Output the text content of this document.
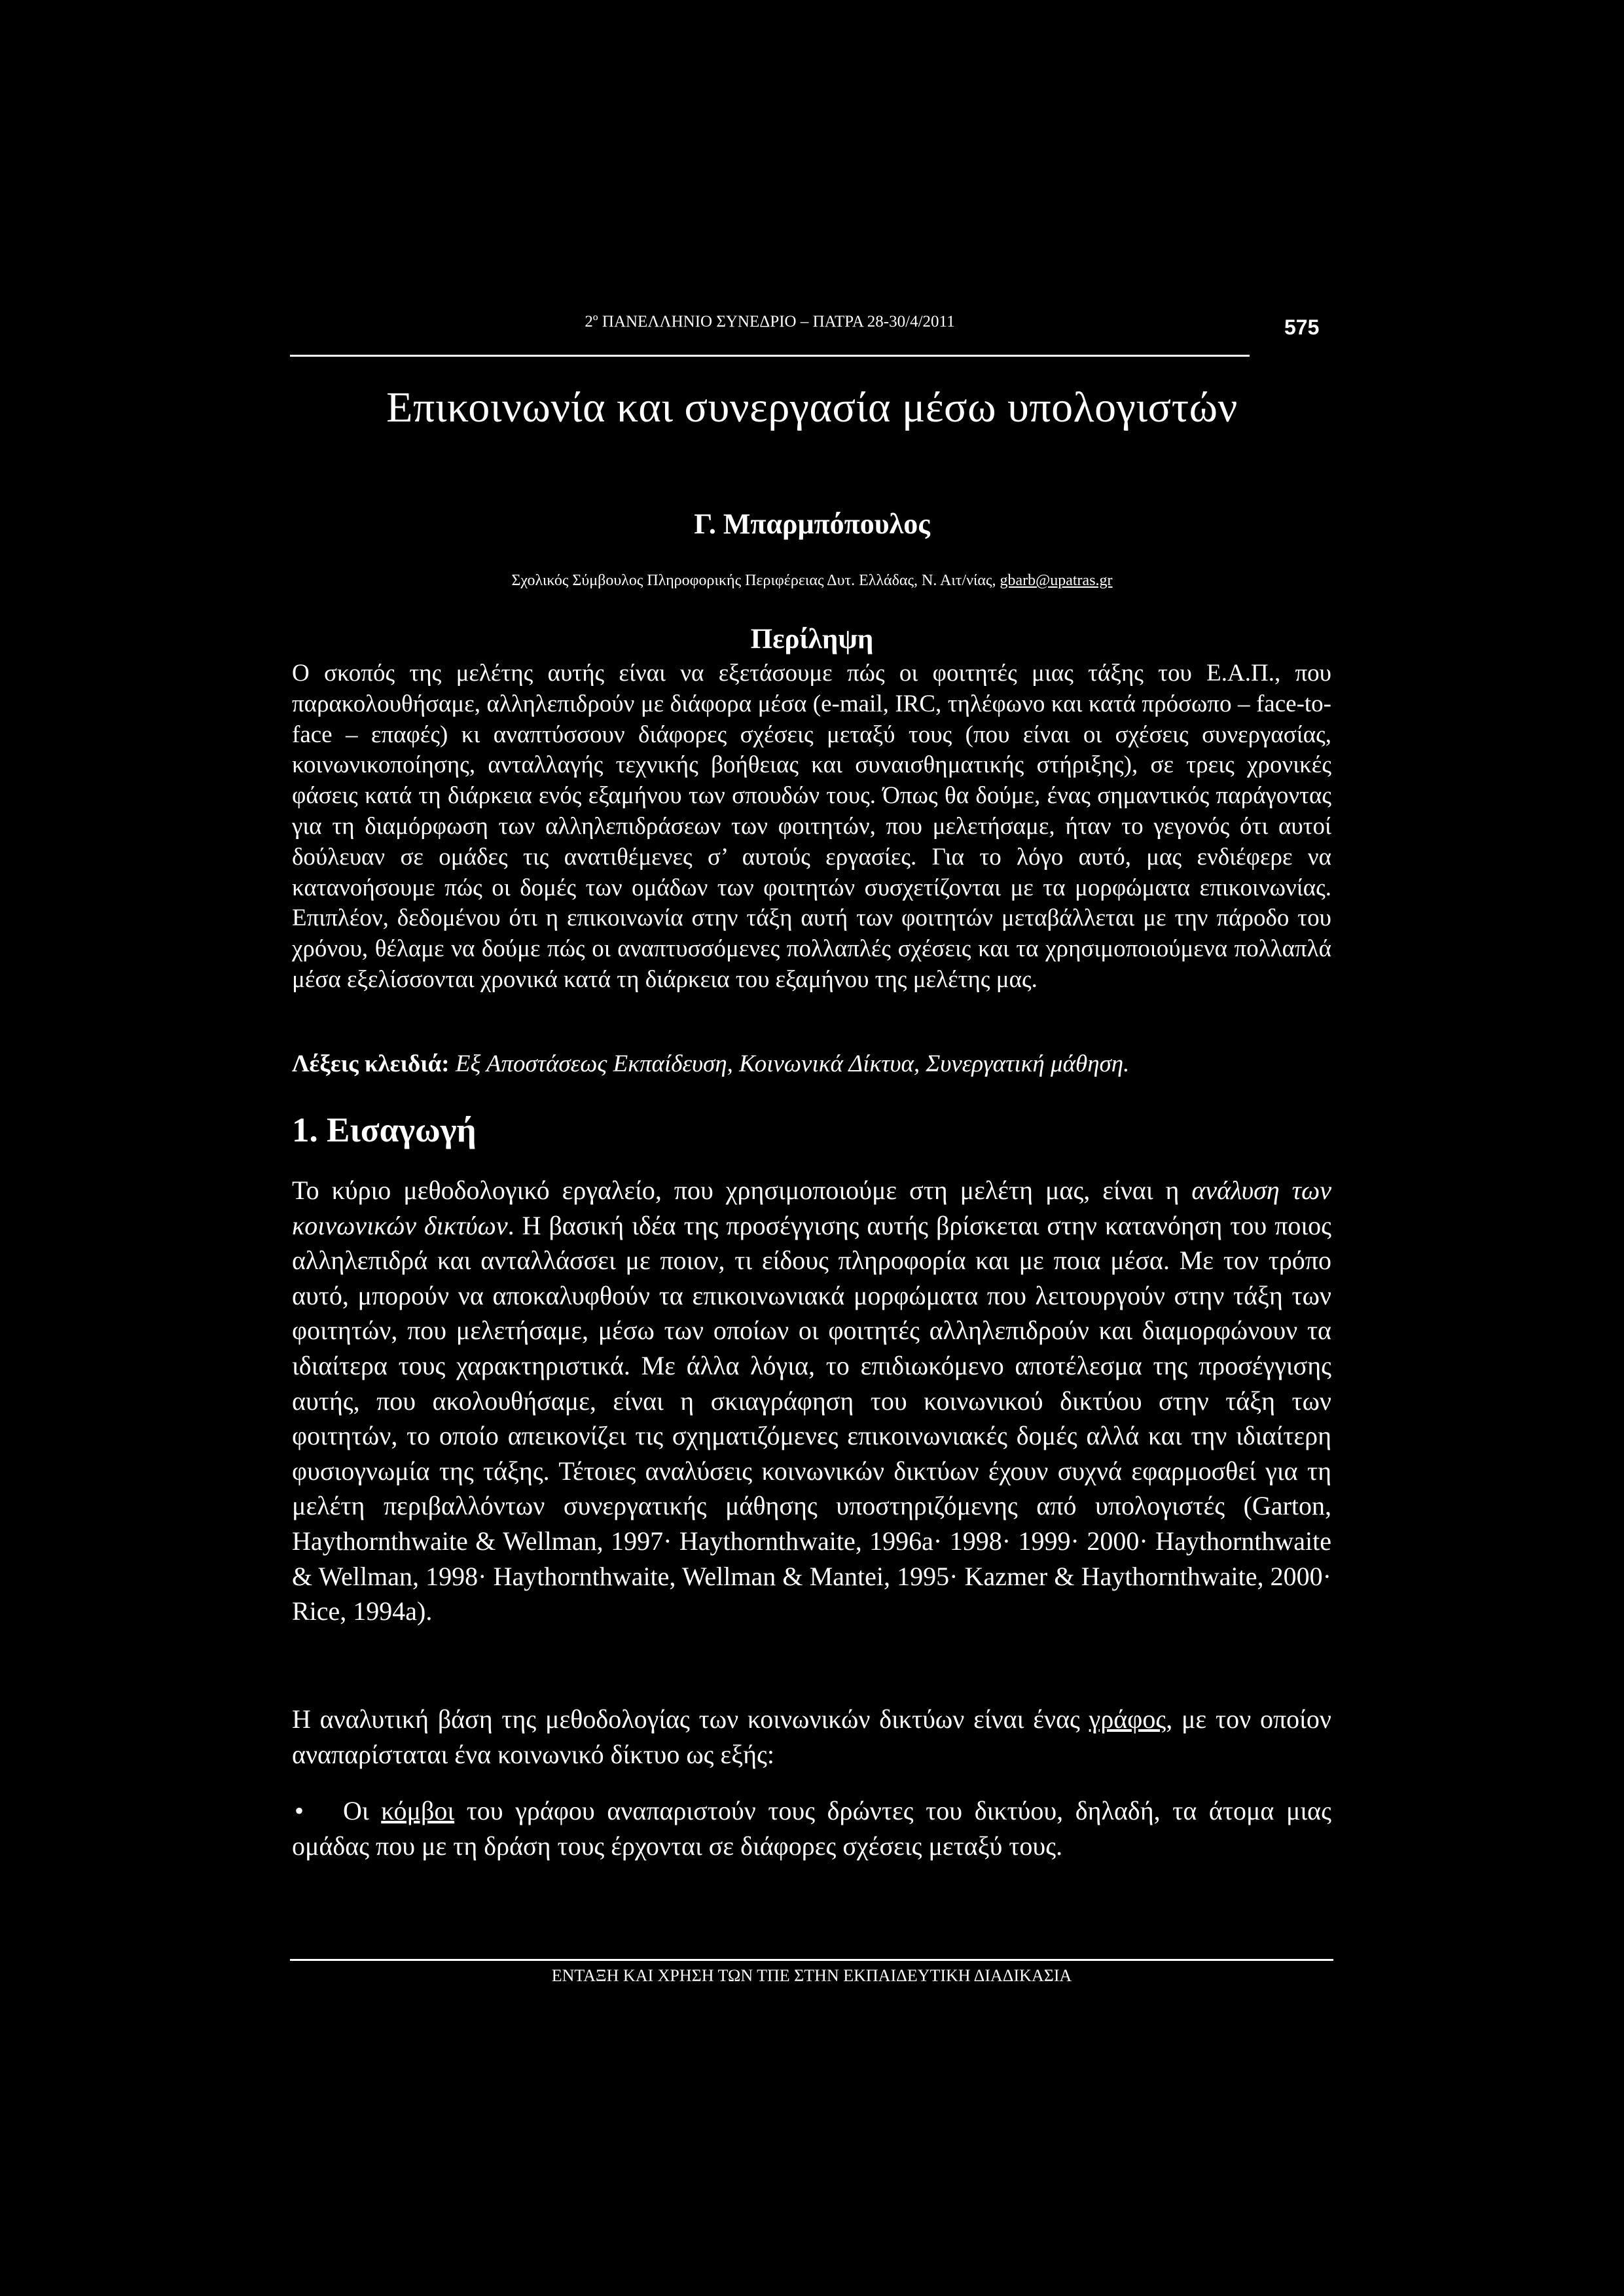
2º ΠΑΝΕΛΛΗΝΙΟ ΣΥΝΕΔΡΙΟ – ΠΑΤΡΑ 28-30/4/2011	575
Επικοινωνία και συνεργασία μέσω υπολογιστών
Γ. Μπαρμπόπουλος
Σχολικός Σύμβουλος Πληροφορικής Περιφέρειας Δυτ. Ελλάδας, Ν. Αιτ/νίας, gbarb@upatras.gr
Περίληψη

Ο σκοπός της μελέτης αυτής είναι να εξετάσουμε πώς οι φοιτητές μιας τάξης του Ε.Α.Π., που παρακολουθήσαμε, αλληλεπιδρούν με διάφορα μέσα (e-mail, IRC, τηλέφωνο και κατά πρόσωπο – face-to-face – επαφές) κι αναπτύσσουν διάφορες σχέσεις μεταξύ τους (που είναι οι σχέσεις συνεργασίας, κοινωνικοποίησης, ανταλλαγής τεχνικής βοήθειας και συναισθηματικής στήριξης), σε τρεις χρονικές φάσεις κατά τη διάρκεια ενός εξαμήνου των σπουδών τους. Όπως θα δούμε, ένας σημαντικός παράγοντας για τη διαμόρφωση των αλληλεπιδράσεων των φοιτητών, που μελετήσαμε, ήταν το γεγονός ότι αυτοί δούλευαν σε ομάδες τις ανατιθέμενες σ’ αυτούς εργασίες. Για το λόγο αυτό, μας ενδιέφερε να κατανοήσουμε πώς οι δομές των ομάδων των φοιτητών συσχετίζονται με τα μορφώματα επικοινωνίας. Επιπλέον, δεδομένου ότι η επικοινωνία στην τάξη αυτή των φοιτητών μεταβάλλεται με την πάροδο του χρόνου, θέλαμε να δούμε πώς οι αναπτυσσόμενες πολλαπλές σχέσεις και τα χρησιμοποιούμενα πολλαπλά μέσα εξελίσσονται χρονικά κατά τη διάρκεια του εξαμήνου της μελέτης μας.

Λέξεις κλειδιά: Εξ Αποστάσεως Εκπαίδευση, Κοινωνικά Δίκτυα, Συνεργατική μάθηση.

1. Εισαγωγή

Το κύριο μεθοδολογικό εργαλείο, που χρησιμοποιούμε στη μελέτη μας, είναι η ανάλυση των κοινωνικών δικτύων. Η βασική ιδέα της προσέγγισης αυτής βρίσκεται στην κατανόηση του ποιος αλληλεπιδρά και ανταλλάσσει με ποιον, τι είδους πληροφορία και με ποια μέσα. Με τον τρόπο αυτό, μπορούν να αποκαλυφθούν τα επικοινωνιακά μορφώματα που λειτουργούν στην τάξη των φοιτητών, που μελετήσαμε, μέσω των οποίων οι φοιτητές αλληλεπιδρούν και διαμορφώνουν τα ιδιαίτερα τους χαρακτηριστικά. Με άλλα λόγια, το επιδιωκόμενο αποτέλεσμα της προσέγγισης αυτής, που ακολουθήσαμε, είναι η σκιαγράφηση του κοινωνικού δικτύου στην τάξη των φοιτητών, το οποίο απεικονίζει τις σχηματιζόμενες επικοινωνιακές δομές αλλά και την ιδιαίτερη φυσιογνωμία της τάξης. Τέτοιες αναλύσεις κοινωνικών δικτύων έχουν συχνά εφαρμοσθεί για τη μελέτη περιβαλλόντων συνεργατικής μάθησης υποστηριζόμενης από υπολογιστές (Garton, Haythornthwaite & Wellman, 1997· Haythornthwaite, 1996a· 1998· 1999· 2000· Haythornthwaite & Wellman, 1998· Haythornthwaite, Wellman & Mantei, 1995· Kazmer & Haythornthwaite, 2000· Rice, 1994a).

Η αναλυτική βάση της μεθοδολογίας των κοινωνικών δικτύων είναι ένας γράφος, με τον οποίον αναπαρίσταται ένα κοινωνικό δίκτυο ως εξής:

• Οι κόμβοι του γράφου αναπαριστούν τους δρώντες του δικτύου, δηλαδή, τα άτομα μιας ομάδας που με τη δράση τους έρχονται σε διάφορες σχέσεις μεταξύ τους.

ΕΝΤΑΞΗ ΚΑΙ ΧΡΗΣΗ ΤΩΝ ΤΠΕ ΣΤΗΝ ΕΚΠΑΙΔΕΥΤΙΚΗ ΔΙΑΔΙΚΑΣΙΑ
